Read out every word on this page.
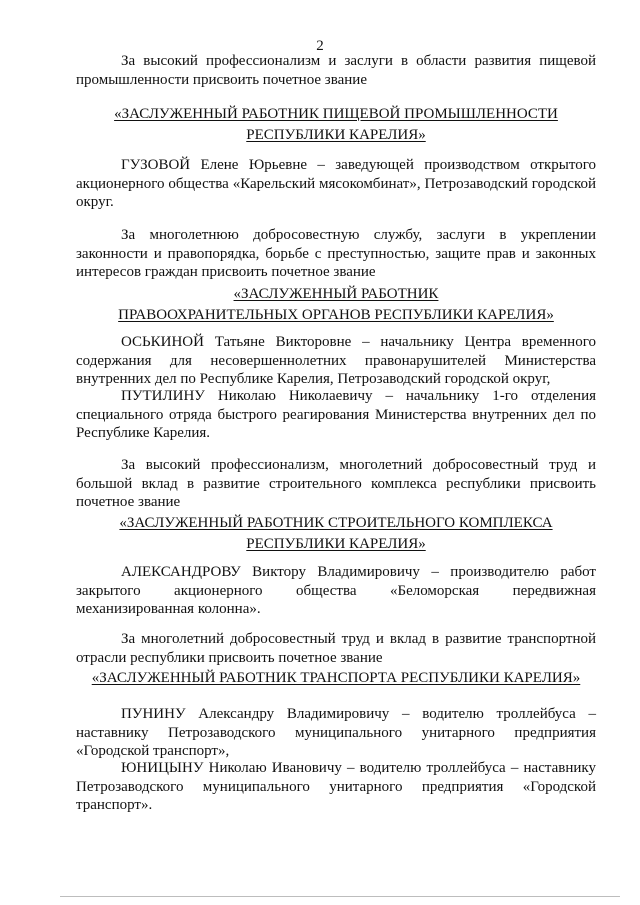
2

За высокий профессионализм и заслуги в области развития пищевой промышленности присвоить почетное звание

«ЗАСЛУЖЕННЫЙ РАБОТНИК ПИЩЕВОЙ ПРОМЫШЛЕННОСТИ
РЕСПУБЛИКИ КАРЕЛИЯ»

ГУЗОВОЙ Елене Юрьевне – заведующей производством открытого акционерного общества «Карельский мясокомбинат», Петрозаводский городской округ.

За многолетнюю добросовестную службу, заслуги в укреплении законности и правопорядка, борьбе с преступностью, защите прав и законных интересов граждан присвоить почетное звание

«ЗАСЛУЖЕННЫЙ РАБОТНИК
ПРАВООХРАНИТЕЛЬНЫХ ОРГАНОВ РЕСПУБЛИКИ КАРЕЛИЯ»

ОСЬКИНОЙ Татьяне Викторовне – начальнику Центра временного содержания для несовершеннолетних правонарушителей Министерства внутренних дел по Республике Карелия, Петрозаводский городской округ,

ПУТИЛИНУ Николаю Николаевичу – начальнику 1-го отделения специального отряда быстрого реагирования Министерства внутренних дел по Республике Карелия.

За высокий профессионализм, многолетний добросовестный труд и большой вклад в развитие строительного комплекса республики присвоить почетное звание

«ЗАСЛУЖЕННЫЙ РАБОТНИК СТРОИТЕЛЬНОГО КОМПЛЕКСА
РЕСПУБЛИКИ КАРЕЛИЯ»

АЛЕКСАНДРОВУ Виктору Владимировичу – производителю работ закрытого акционерного общества «Беломорская передвижная механизированная колонна».

За многолетний добросовестный труд и вклад в развитие транспортной отрасли республики присвоить почетное звание

«ЗАСЛУЖЕННЫЙ РАБОТНИК ТРАНСПОРТА РЕСПУБЛИКИ КАРЕЛИЯ»

ПУНИНУ Александру Владимировичу – водителю троллейбуса – наставнику Петрозаводского муниципального унитарного предприятия «Городской транспорт»,

ЮНИЦЫНУ Николаю Ивановичу – водителю троллейбуса – наставнику Петрозаводского муниципального унитарного предприятия «Городской транспорт».
